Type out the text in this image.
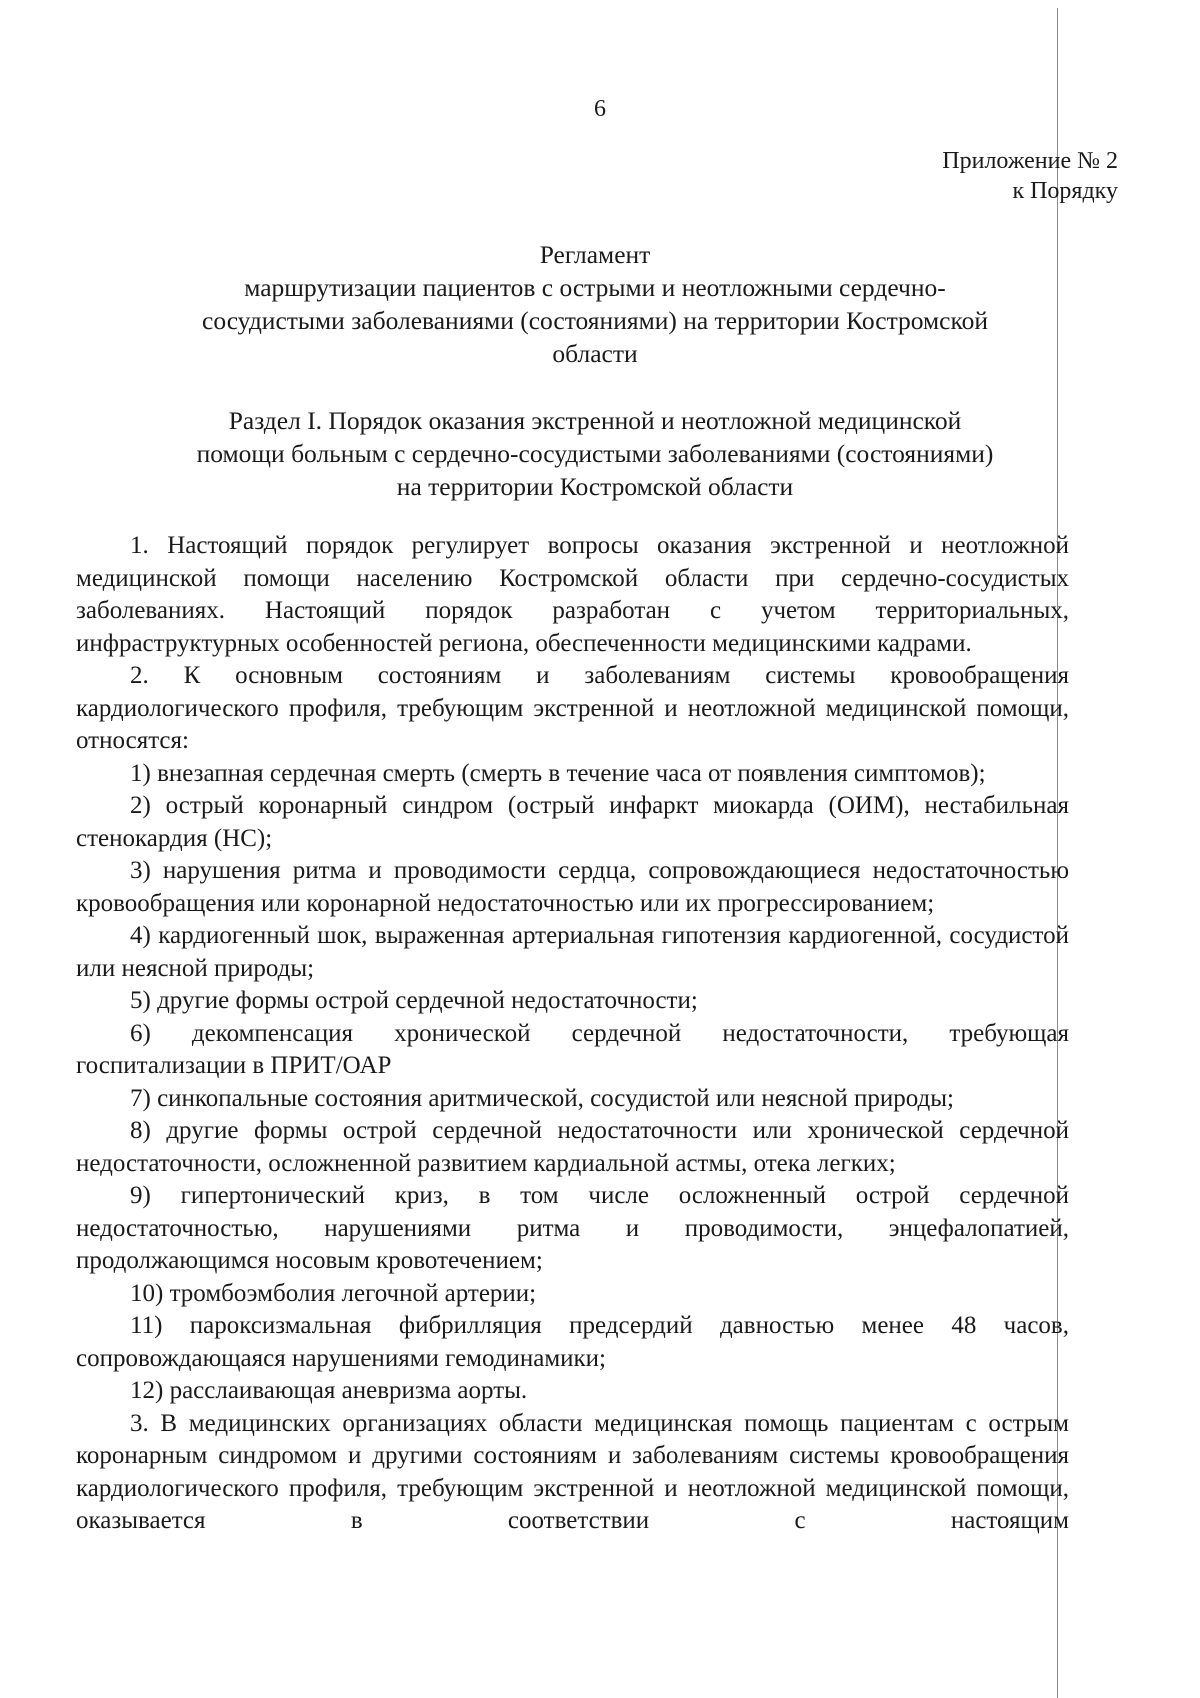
6
Приложение № 2
к Порядку
Регламент
маршрутизации пациентов с острыми и неотложными сердечно-
сосудистыми заболеваниями (состояниями) на территории Костромской
области
Раздел I. Порядок оказания экстренной и неотложной медицинской
помощи больным с сердечно-сосудистыми заболеваниями (состояниями)
на территории Костромской области

1. Настоящий порядок регулирует вопросы оказания экстренной и неотложной медицинской помощи населению Костромской области при сердечно-сосудистых заболеваниях. Настоящий порядок разработан с учетом территориальных, инфраструктурных особенностей региона, обеспеченности медицинскими кадрами.

2. К основным состояниям и заболеваниям системы кровообращения кардиологического профиля, требующим экстренной и неотложной медицинской помощи, относятся:

1) внезапная сердечная смерть (смерть в течение часа от появления симптомов);

2) острый коронарный синдром (острый инфаркт миокарда (ОИМ), нестабильная стенокардия (НС);

3) нарушения ритма и проводимости сердца, сопровождающиеся недостаточностью кровообращения или коронарной недостаточностью или их прогрессированием;

4) кардиогенный шок, выраженная артериальная гипотензия кардиогенной, сосудистой или неясной природы;

5) другие формы острой сердечной недостаточности;

6) декомпенсация хронической сердечной недостаточности, требующая госпитализации в ПРИТ/ОАР

7) синкопальные состояния аритмической, сосудистой или неясной природы;

8) другие формы острой сердечной недостаточности или хронической сердечной недостаточности, осложненной развитием кардиальной астмы, отека легких;

9) гипертонический криз, в том числе осложненный острой сердечной недостаточностью, нарушениями ритма и проводимости, энцефалопатией, продолжающимся носовым кровотечением;

10) тромбоэмболия легочной артерии;

11) пароксизмальная фибрилляция предсердий давностью менее 48 часов, сопровождающаяся нарушениями гемодинамики;

12) расслаивающая аневризма аорты.

3. В медицинских организациях области медицинская помощь пациентам с острым коронарным синдромом и другими состояниям и заболеваниям системы кровообращения кардиологического профиля, требующим экстренной и неотложной медицинской помощи, оказывается в соответствии с настоящим
